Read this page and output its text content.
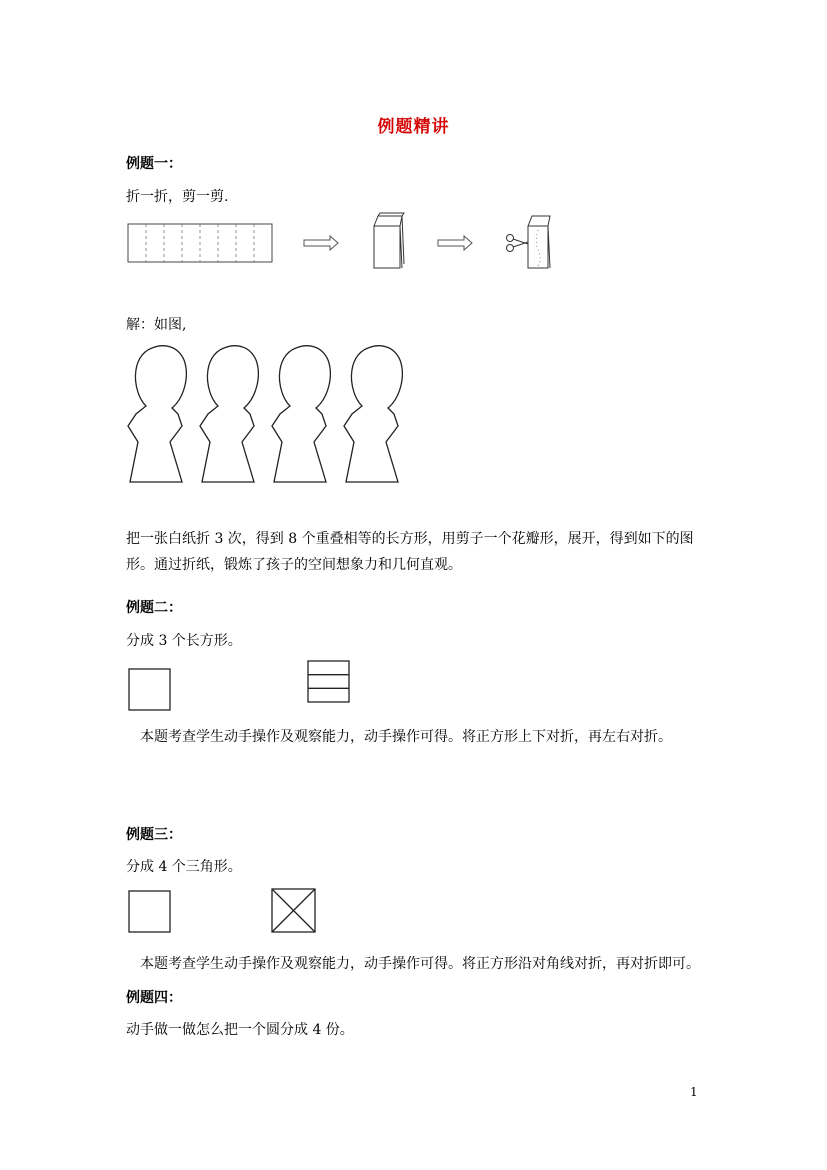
例题精讲
例题一：
折一折，剪一剪.
解：如图,
把一张白纸折 3 次，得到 8 个重叠相等的长方形，用剪子一个花瓣形，展开，得到如下的图形。通过折纸，锻炼了孩子的空间想象力和几何直观。
例题二：
分成 3 个长方形。
本题考查学生动手操作及观察能力，动手操作可得。将正方形上下对折，再左右对折。
例题三：
分成 4 个三角形。
本题考查学生动手操作及观察能力，动手操作可得。将正方形沿对角线对折，再对折即可。
例题四：
动手做一做怎么把一个圆分成 4 份。
1
